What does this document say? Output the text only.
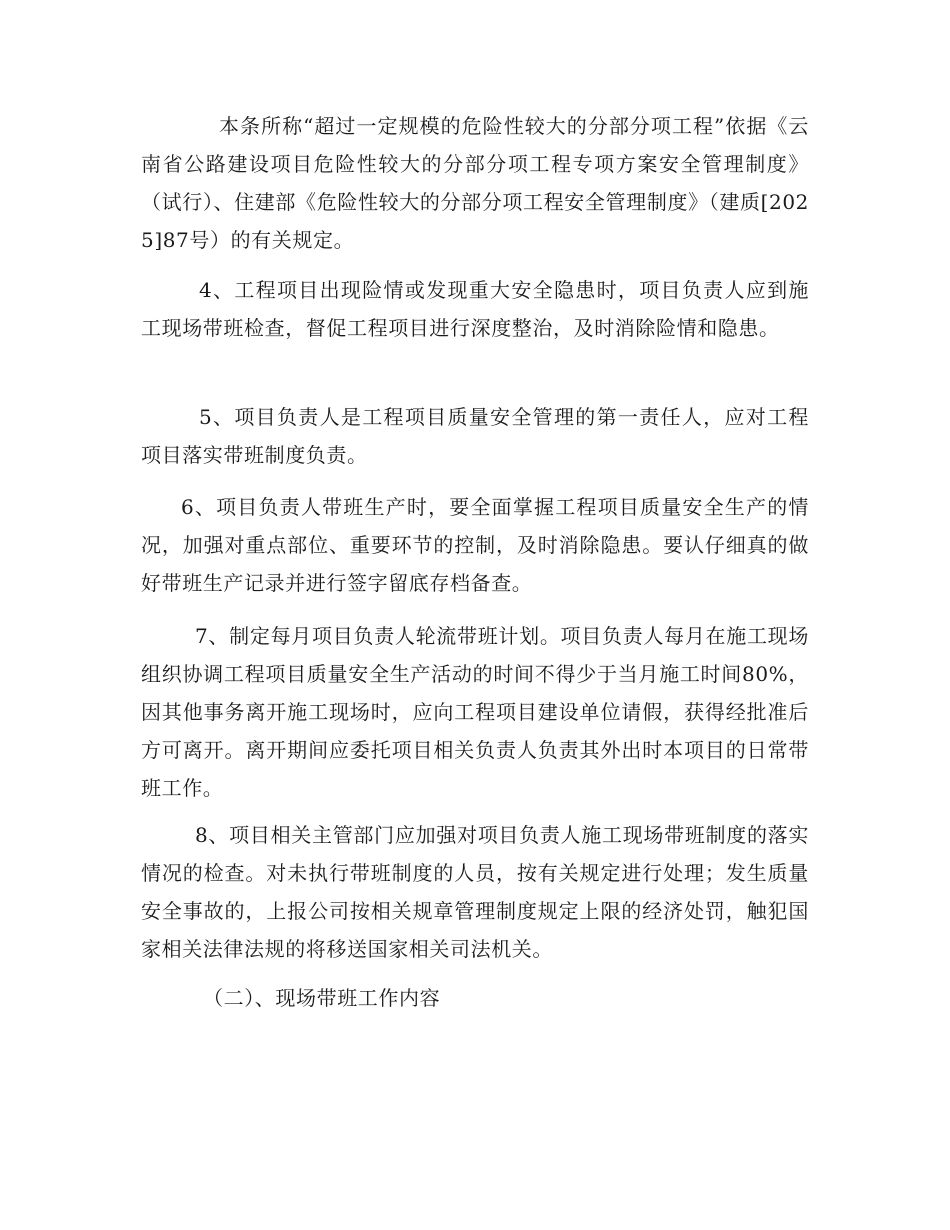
本条所称“超过一定规模的危险性较大的分部分项工程”依据《云南省公路建设项目危险性较大的分部分项工程专项方案安全管理制度》（试行）、住建部《危险性较大的分部分项工程安全管理制度》（建质[2025]87号）的有关规定。

4、工程项目出现险情或发现重大安全隐患时，项目负责人应到施工现场带班检查，督促工程项目进行深度整治，及时消除险情和隐患。

5、项目负责人是工程项目质量安全管理的第一责任人，应对工程项目落实带班制度负责。

6、项目负责人带班生产时，要全面掌握工程项目质量安全生产的情况，加强对重点部位、重要环节的控制，及时消除隐患。要认仔细真的做好带班生产记录并进行签字留底存档备查。

7、制定每月项目负责人轮流带班计划。项目负责人每月在施工现场组织协调工程项目质量安全生产活动的时间不得少于当月施工时间80%，因其他事务离开施工现场时，应向工程项目建设单位请假，获得经批准后方可离开。离开期间应委托项目相关负责人负责其外出时本项目的日常带班工作。

8、项目相关主管部门应加强对项目负责人施工现场带班制度的落实情况的检查。对未执行带班制度的人员，按有关规定进行处理；发生质量安全事故的，上报公司按相关规章管理制度规定上限的经济处罚，触犯国家相关法律法规的将移送国家相关司法机关。

（二）、现场带班工作内容
